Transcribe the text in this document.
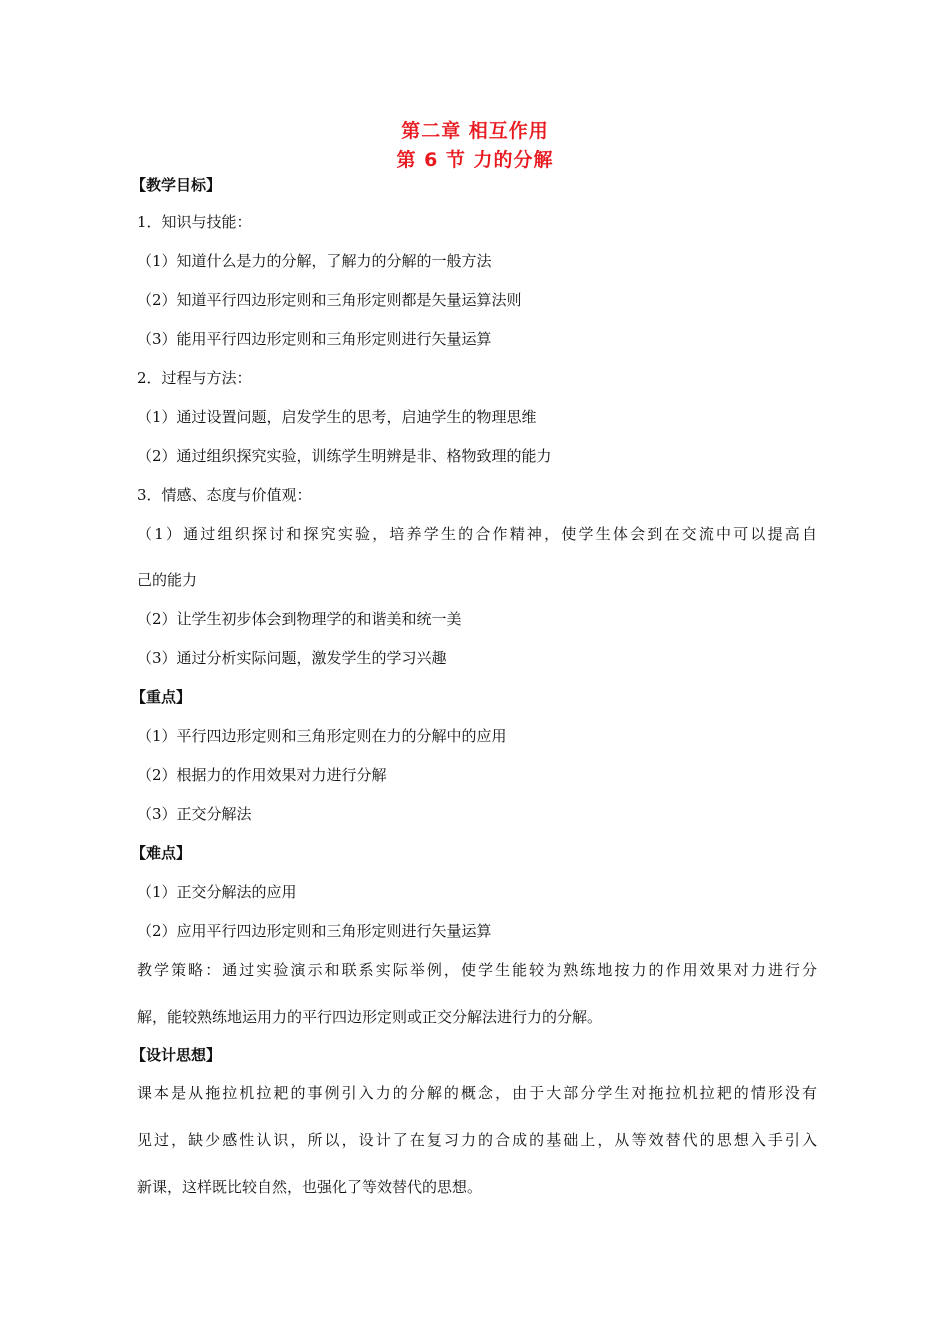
第二章 相互作用
第 6 节 力的分解
【教学目标】
1．知识与技能：
（1）知道什么是力的分解，了解力的分解的一般方法
（2）知道平行四边形定则和三角形定则都是矢量运算法则
（3）能用平行四边形定则和三角形定则进行矢量运算
2．过程与方法：
（1）通过设置问题，启发学生的思考，启迪学生的物理思维
（2）通过组织探究实验，训练学生明辨是非、格物致理的能力
3．情感、态度与价值观：
（1）通过组织探讨和探究实验，培养学生的合作精神，使学生体会到在交流中可以提高自
己的能力
（2）让学生初步体会到物理学的和谐美和统一美
（3）通过分析实际问题，激发学生的学习兴趣
【重点】
（1）平行四边形定则和三角形定则在力的分解中的应用
（2）根据力的作用效果对力进行分解
（3）正交分解法
【难点】
（1）正交分解法的应用
（2）应用平行四边形定则和三角形定则进行矢量运算
教学策略：通过实验演示和联系实际举例，使学生能较为熟练地按力的作用效果对力进行分
解，能较熟练地运用力的平行四边形定则或正交分解法进行力的分解。
【设计思想】
课本是从拖拉机拉耙的事例引入力的分解的概念，由于大部分学生对拖拉机拉耙的情形没有
见过，缺少感性认识，所以，设计了在复习力的合成的基础上，从等效替代的思想入手引入
新课，这样既比较自然，也强化了等效替代的思想。
